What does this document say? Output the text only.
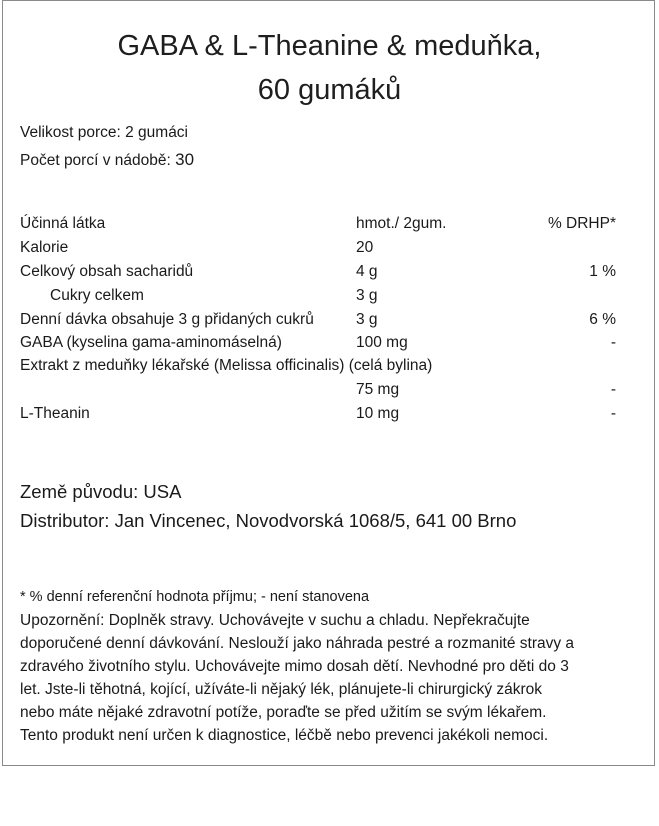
GABA & L-Theanine & meduňka,
60 gumáků
Velikost porce: 2 gumáci
Počet porcí v nádobě: 30
Účinná látka	hmot./ 2gum.	% DRHP*
Kalorie	20
Celkový obsah sacharidů	4 g	1 %
Cukry celkem	3 g
Denní dávka obsahuje 3 g přidaných cukrů	3 g	6 %
GABA (kyselina gama-aminomáselná)	100 mg	-
Extrakt z meduňky lékařské (Melissa officinalis) (celá bylina)
75 mg	-
L-Theanin	10 mg	-
Země původu: USA
Distributor: Jan Vincenec, Novodvorská 1068/5, 641 00 Brno
* % denní referenční hodnota příjmu; - není stanovena
Upozornění: Doplněk stravy. Uchovávejte v suchu a chladu. Nepřekračujte
doporučené denní dávkování. Neslouží jako náhrada pestré a rozmanité stravy a
zdravého životního stylu. Uchovávejte mimo dosah dětí. Nevhodné pro děti do 3
let. Jste-li těhotná, kojící, užíváte-li nějaký lék, plánujete-li chirurgický zákrok
nebo máte nějaké zdravotní potíže, poraďte se před užitím se svým lékařem.
Tento produkt není určen k diagnostice, léčbě nebo prevenci jakékoli nemoci.
